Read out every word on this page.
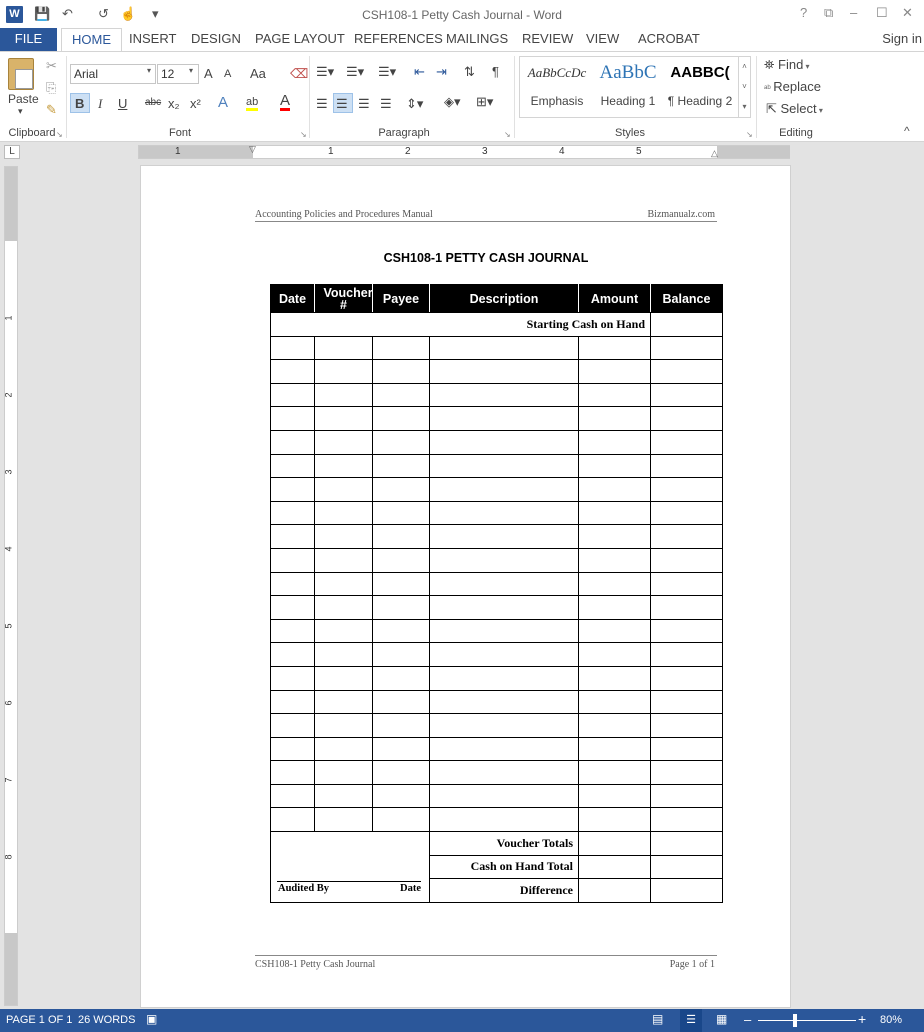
W 💾 ↶ ↺ ☝ ▾	CSH108-1 Petty Cash Journal - Word	? ⧉ – ☐ ✕
FILE	HOME	INSERT	DESIGN	PAGE LAYOUT REFERENCES MAILINGS	REVIEW VIEW	ACROBAT	Sign in
Paste
▾
✂
⎘
✎
Clipboard ↘
Arial	▾ 12	▾ A A Aa ⌫
B I U abc x₂ x² A ab A
Font	↘
☰▾ ☰▾ ☰▾ ⇤ ⇥ ⇅ ¶
☰ ☰ ☰ ☰ ⇕▾ ◈▾ ⊞▾
Paragraph	↘
AaBbCcDc
Emphasis
AaBbC
Heading 1
AABBC(
¶ Heading 2
˄
˅
▾
Styles	↘
⛯ Find ▾
ᵃᵇ Replace
⇱ Select ▾
Editing	^
L	1	1	2	3	4	5
▽	△
1
2
3
4
5
6
7
8
Accounting Policies and Procedures Manual	Bizmanualz.com
CSH108-1 PETTY CASH JOURNAL
Date	Voucher #	Payee	Description	Amount	Balance
Starting Cash on Hand					

Audited By Date			Voucher Totals		
			Cash on Hand Total		
			Difference		
CSH108-1 Petty Cash Journal	Page 1 of 1
PAGE 1 OF 1 26 WORDS ▣	▤	☰	▦ –	+ 80%
